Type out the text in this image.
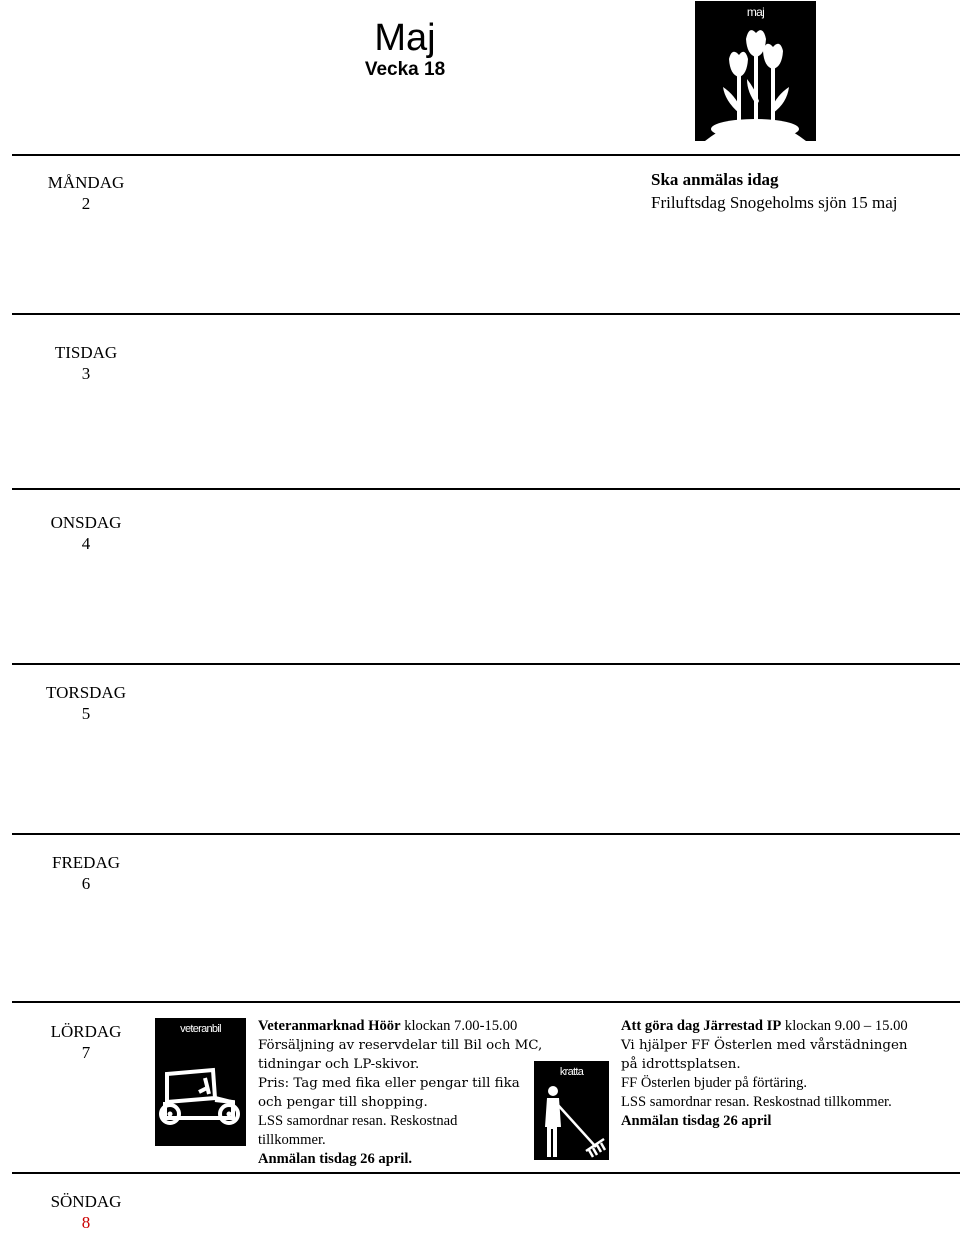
Maj
Vecka 18
maj
MÅNDAG
2
TISDAG
3
ONSDAG
4
TORSDAG
5
FREDAG
6
LÖRDAG
7
SÖNDAG
8
Ska anmälas idag
Friluftsdag Snogeholms sjön 15 maj
veteranbil	Veteranmarknad Höör klockan 7.00-15.00
Försäljning av reservdelar till Bil och MC,
tidningar och LP-skivor.
Pris: Tag med fika eller pengar till fika
och pengar till shopping.
LSS samordnar resan. Reskostnad
tillkommer.
Anmälan tisdag 26 april.
kratta
Att göra dag Järrestad IP klockan 9.00 – 15.00
Vi hjälper FF Österlen med vårstädningen
på idrottsplatsen.
FF Österlen bjuder på förtäring.
LSS samordnar resan. Reskostnad tillkommer.
Anmälan tisdag 26 april
